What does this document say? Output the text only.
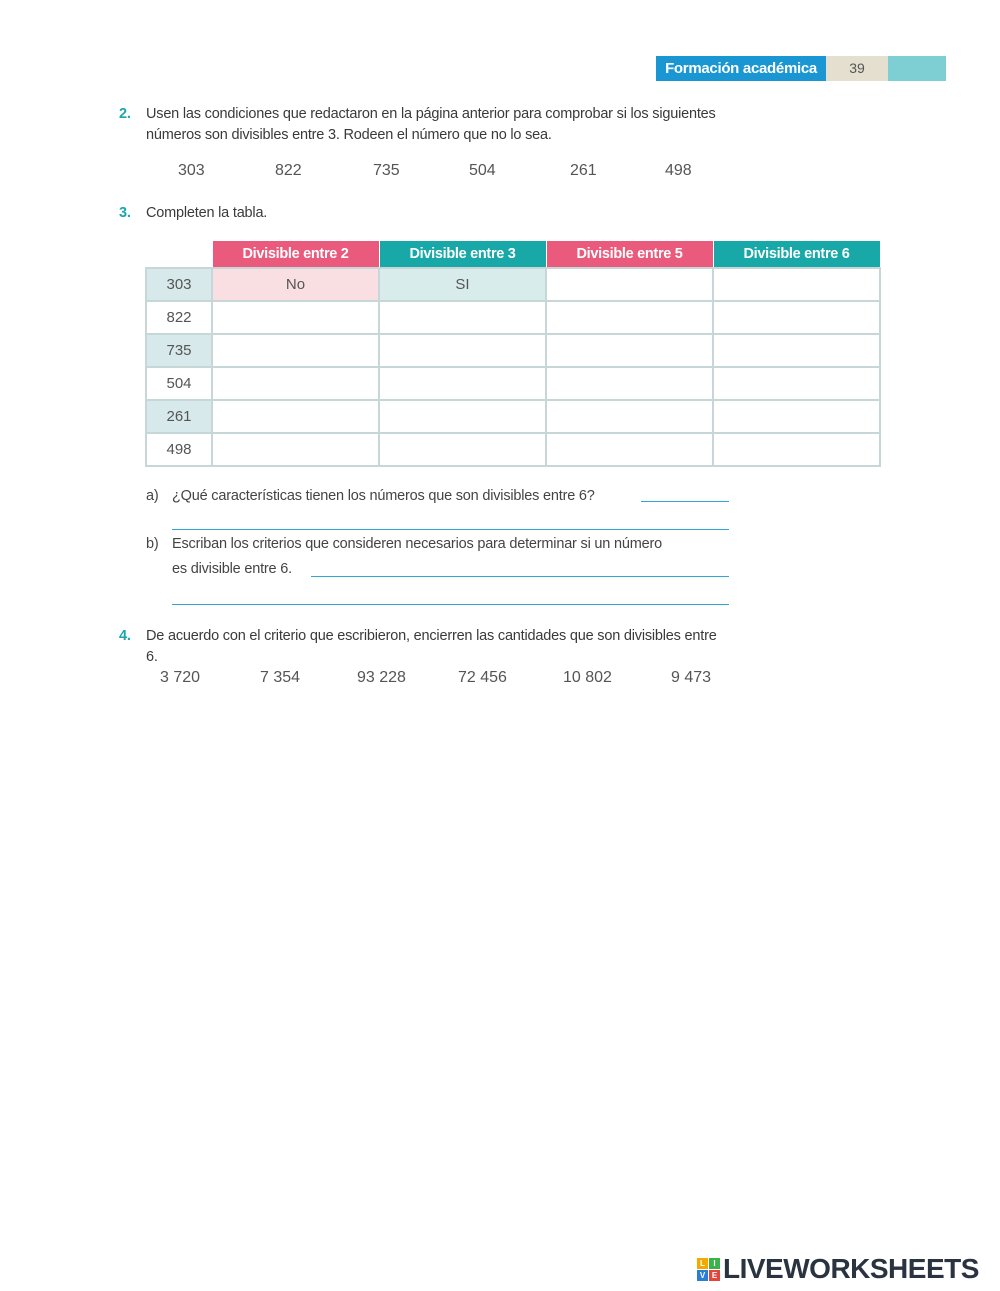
Formación académica	39
2. Usen las condiciones que redactaron en la página anterior para comprobar si los siguientes números son divisibles entre 3. Rodeen el número que no lo sea.
303	822	735	504	261	498
3. Completen la tabla.
	Divisible entre 2	Divisible entre 3	Divisible entre 5	Divisible entre 6
303	No	SI		
822				
735				
504				
261				
498				
a) ¿Qué características tienen los números que son divisibles entre 6?
b) Escriban los criterios que consideren necesarios para determinar si un número
es divisible entre 6.
4. De acuerdo con el criterio que escribieron, encierren las cantidades que son divisibles entre 6.
3 720	7 354	93 228	72 456	10 802	9 473
L	I
V E LIVEWORKSHEETS
